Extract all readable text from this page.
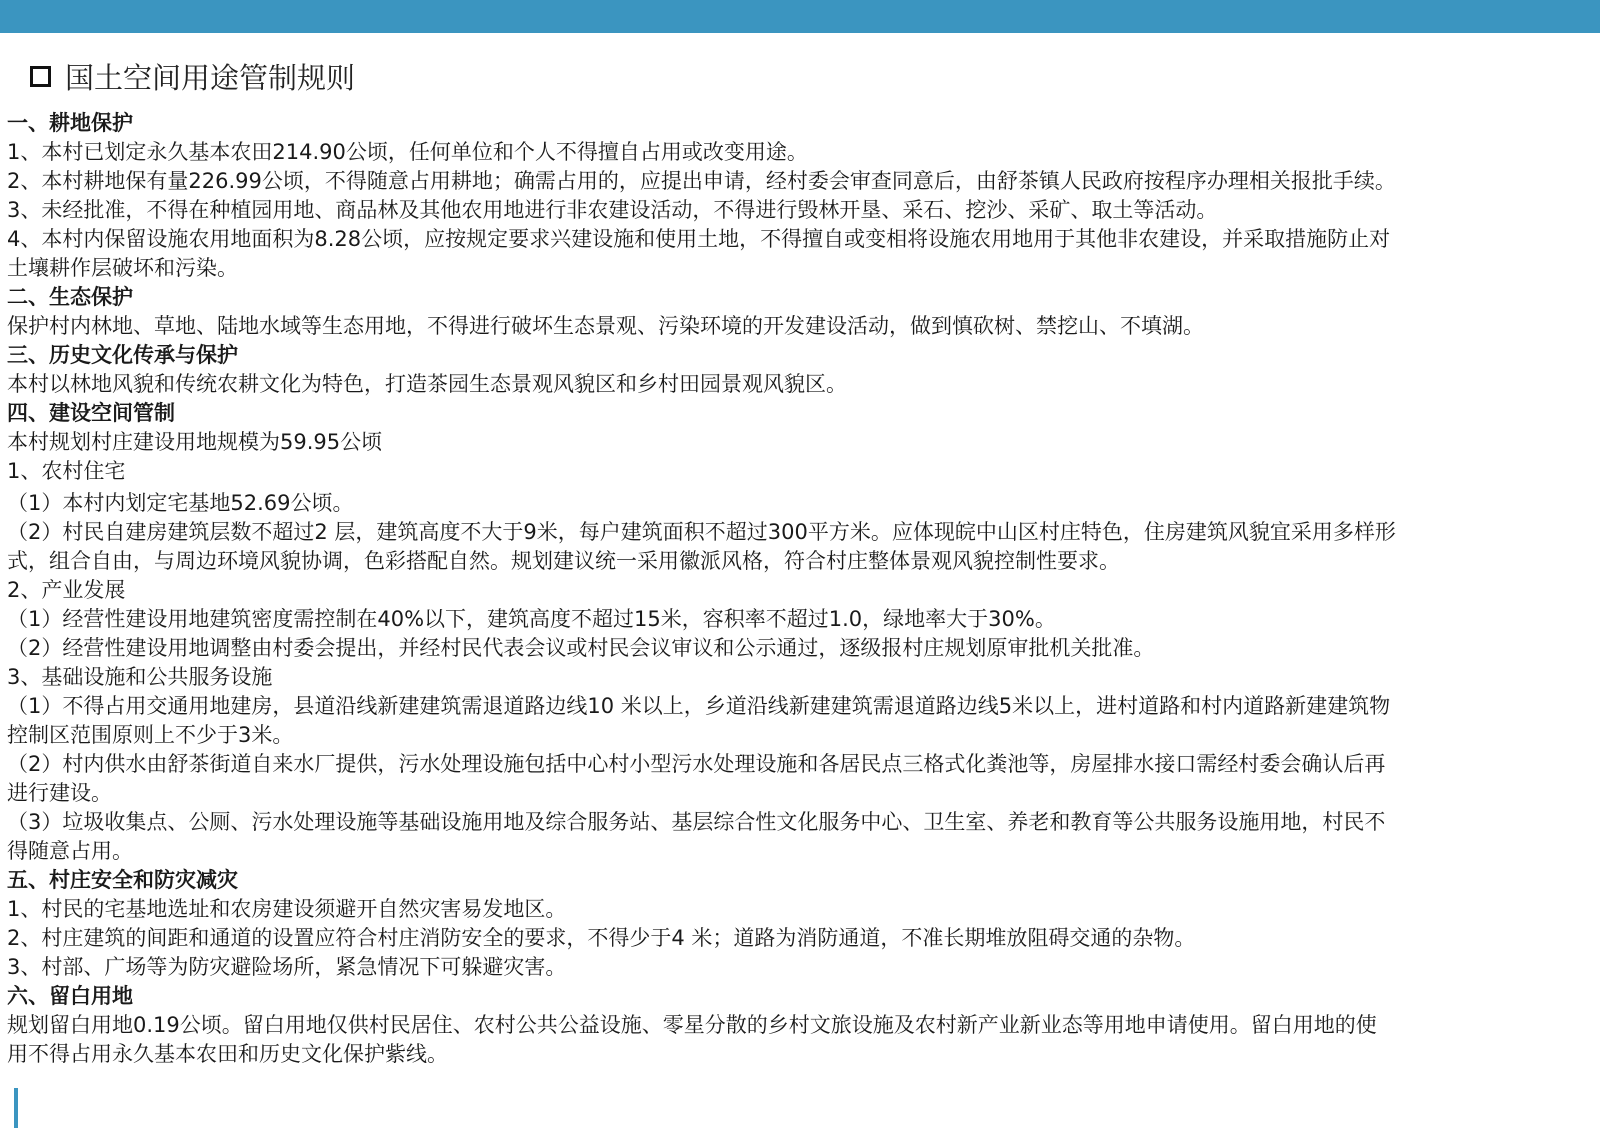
国土空间用途管制规则
一、耕地保护
1、本村已划定永久基本农田214.90公顷，任何单位和个人不得擅自占用或改变用途。
2、本村耕地保有量226.99公顷，不得随意占用耕地；确需占用的，应提出申请，经村委会审查同意后，由舒茶镇人民政府按程序办理相关报批手续。
3、未经批准，不得在种植园用地、商品林及其他农用地进行非农建设活动，不得进行毁林开垦、采石、挖沙、采矿、取土等活动。
4、本村内保留设施农用地面积为8.28公顷，应按规定要求兴建设施和使用土地，不得擅自或变相将设施农用地用于其他非农建设，并采取措施防止对
土壤耕作层破坏和污染。
二、生态保护
保护村内林地、草地、陆地水域等生态用地，不得进行破坏生态景观、污染环境的开发建设活动，做到慎砍树、禁挖山、不填湖。
三、历史文化传承与保护
本村以林地风貌和传统农耕文化为特色，打造茶园生态景观风貌区和乡村田园景观风貌区。
四、建设空间管制
本村规划村庄建设用地规模为59.95公顷
1、农村住宅
（1）本村内划定宅基地52.69公顷。
（2）村民自建房建筑层数不超过2 层，建筑高度不大于9米，每户建筑面积不超过300平方米。应体现皖中山区村庄特色，住房建筑风貌宜采用多样形
式，组合自由，与周边环境风貌协调，色彩搭配自然。规划建议统一采用徽派风格，符合村庄整体景观风貌控制性要求。
2、产业发展
（1）经营性建设用地建筑密度需控制在40%以下，建筑高度不超过15米，容积率不超过1.0，绿地率大于30%。
（2）经营性建设用地调整由村委会提出，并经村民代表会议或村民会议审议和公示通过，逐级报村庄规划原审批机关批准。
3、基础设施和公共服务设施
（1）不得占用交通用地建房，县道沿线新建建筑需退道路边线10 米以上，乡道沿线新建建筑需退道路边线5米以上，进村道路和村内道路新建建筑物
控制区范围原则上不少于3米。
（2）村内供水由舒茶街道自来水厂提供，污水处理设施包括中心村小型污水处理设施和各居民点三格式化粪池等，房屋排水接口需经村委会确认后再
进行建设。
（3）垃圾收集点、公厕、污水处理设施等基础设施用地及综合服务站、基层综合性文化服务中心、卫生室、养老和教育等公共服务设施用地，村民不
得随意占用。
五、村庄安全和防灾减灾
1、村民的宅基地选址和农房建设须避开自然灾害易发地区。
2、村庄建筑的间距和通道的设置应符合村庄消防安全的要求，不得少于4 米；道路为消防通道，不准长期堆放阻碍交通的杂物。
3、村部、广场等为防灾避险场所，紧急情况下可躲避灾害。
六、留白用地
规划留白用地0.19公顷。留白用地仅供村民居住、农村公共公益设施、零星分散的乡村文旅设施及农村新产业新业态等用地申请使用。留白用地的使
用不得占用永久基本农田和历史文化保护紫线。
